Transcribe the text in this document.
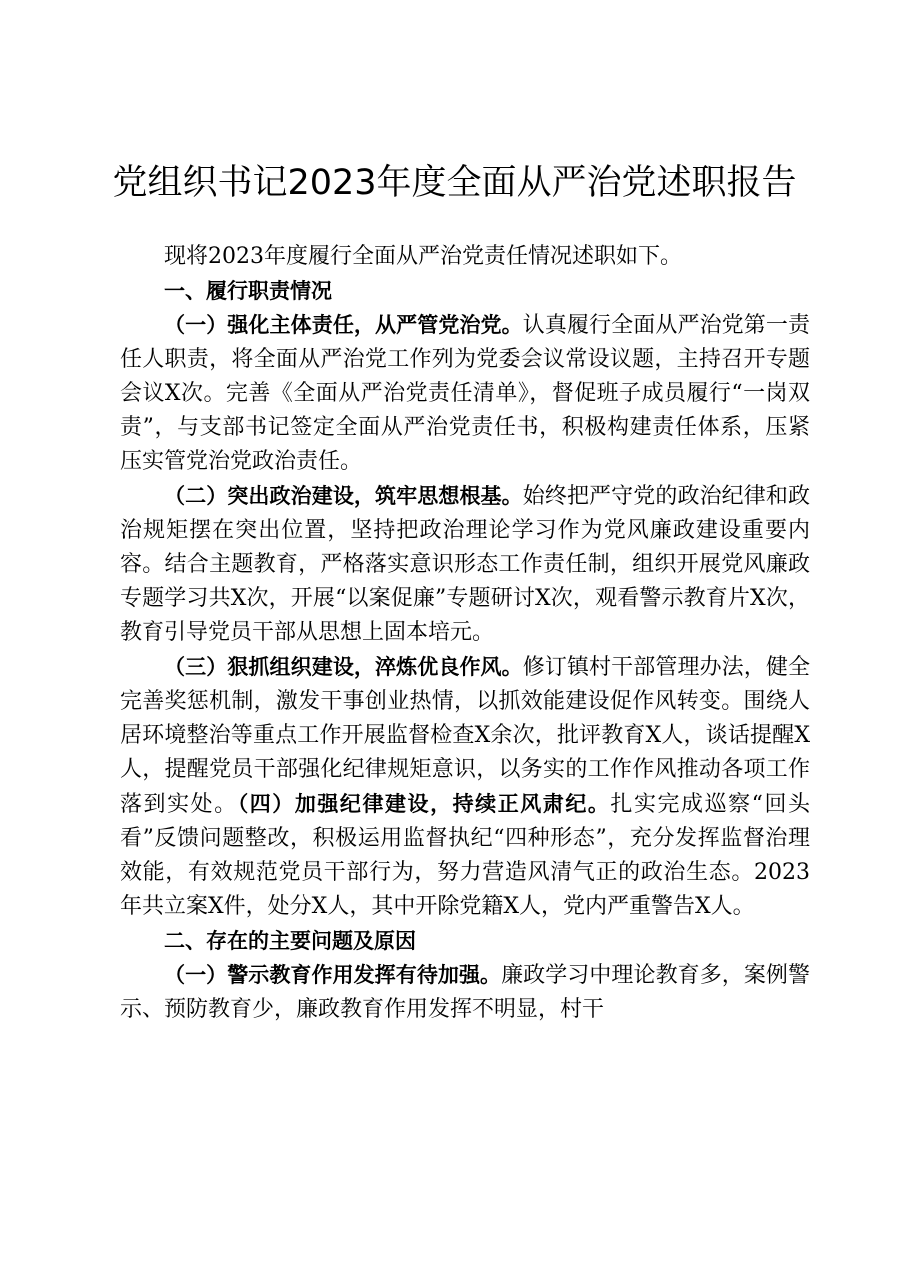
党组织书记2023年度全面从严治党述职报告

现将2023年度履行全面从严治党责任情况述职如下。

一、履行职责情况

（一）强化主体责任，从严管党治党。认真履行全面从严治党第一责任人职责，将全面从严治党工作列为党委会议常设议题，主持召开专题会议X次。完善《全面从严治党责任清单》，督促班子成员履行“一岗双责”，与支部书记签定全面从严治党责任书，积极构建责任体系，压紧压实管党治党政治责任。

（二）突出政治建设，筑牢思想根基。始终把严守党的政治纪律和政治规矩摆在突出位置，坚持把政治理论学习作为党风廉政建设重要内容。结合主题教育，严格落实意识形态工作责任制，组织开展党风廉政专题学习共X次，开展“以案促廉”专题研讨X次，观看警示教育片X次，教育引导党员干部从思想上固本培元。

（三）狠抓组织建设，淬炼优良作风。修订镇村干部管理办法，健全完善奖惩机制，激发干事创业热情，以抓效能建设促作风转变。围绕人居环境整治等重点工作开展监督检查X余次，批评教育X人，谈话提醒X人，提醒党员干部强化纪律规矩意识，以务实的工作作风推动各项工作落到实处。（四）加强纪律建设，持续正风肃纪。扎实完成巡察“回头看”反馈问题整改，积极运用监督执纪“四种形态”，充分发挥监督治理效能，有效规范党员干部行为，努力营造风清气正的政治生态。2023年共立案X件，处分X人，其中开除党籍X人，党内严重警告X人。

二、存在的主要问题及原因

（一）警示教育作用发挥有待加强。廉政学习中理论教育多，案例警示、预防教育少，廉政教育作用发挥不明显，村干
